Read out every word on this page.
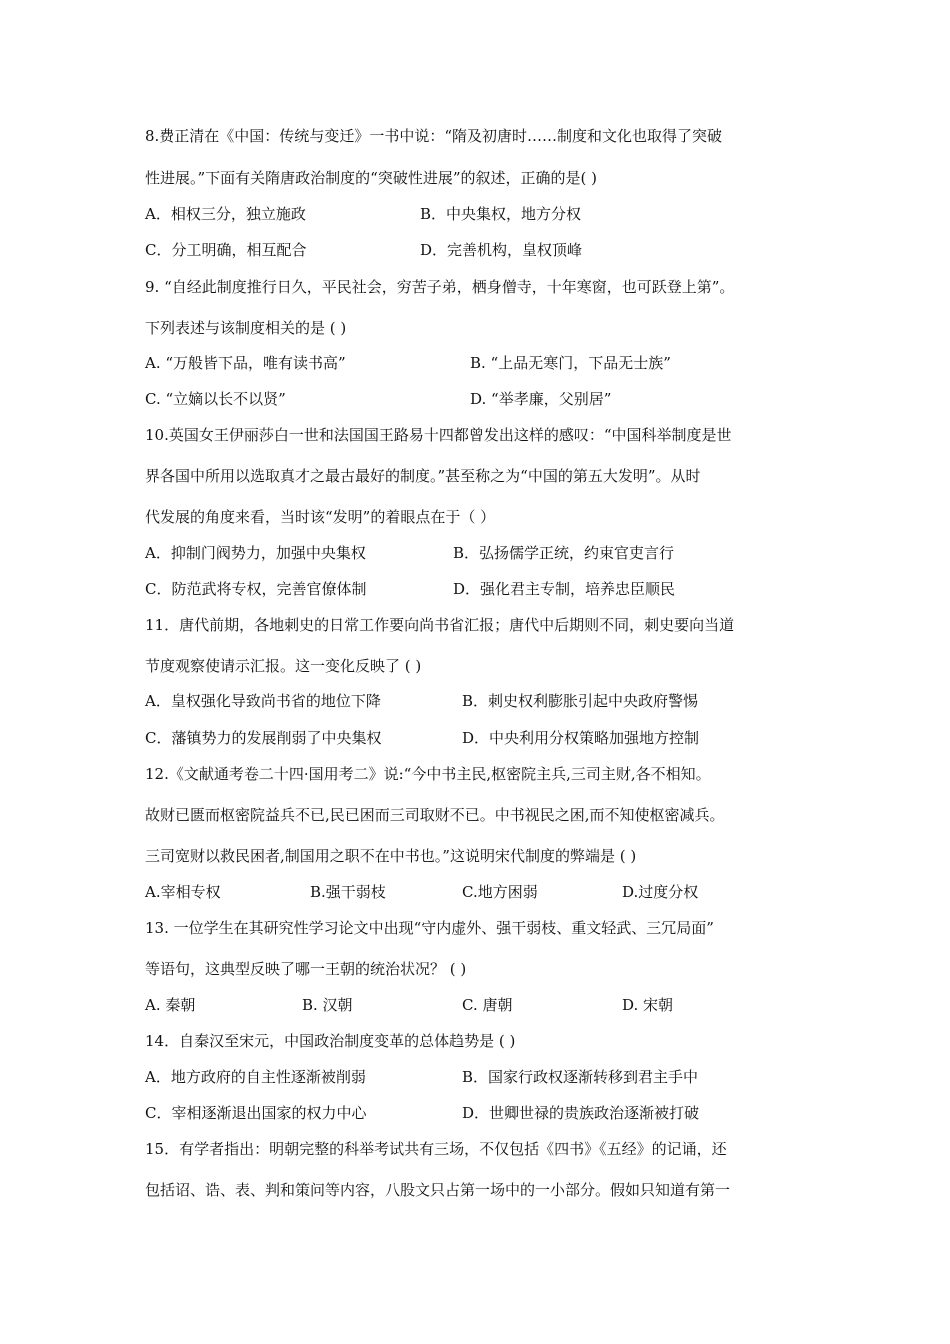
8.费正清在《中国：传统与变迁》一书中说：“隋及初唐时……制度和文化也取得了突破
性进展。”下面有关隋唐政治制度的“突破性进展”的叙述，正确的是( )
A．相权三分，独立施政	B．中央集权，地方分权
C．分工明确，相互配合	D．完善机构，皇权顶峰
9. “自经此制度推行日久，平民社会，穷苦子弟，栖身僧寺，十年寒窗，也可跃登上第”。
下列表述与该制度相关的是 ( )
A. “万般皆下品，唯有读书高”	B. “上品无寒门，下品无士族”
C. “立嫡以长不以贤”	D. “举孝廉，父别居”
10.英国女王伊丽莎白一世和法国国王路易十四都曾发出这样的感叹：“中国科举制度是世
界各国中所用以选取真才之最古最好的制度。”甚至称之为“中国的第五大发明”。从时
代发展的角度来看，当时该“发明”的着眼点在于（ ）
A．抑制门阀势力，加强中央集权	B．弘扬儒学正统，约束官吏言行
C．防范武将专权，完善官僚体制	D．强化君主专制，培养忠臣顺民
11．唐代前期，各地刺史的日常工作要向尚书省汇报；唐代中后期则不同，刺史要向当道
节度观察使请示汇报。这一变化反映了 ( )
A．皇权强化导致尚书省的地位下降	B．刺史权利膨胀引起中央政府警惕
C．藩镇势力的发展削弱了中央集权	D．中央利用分权策略加强地方控制
12.《文献通考卷二十四·国用考二》说:“今中书主民,枢密院主兵,三司主财,各不相知。
故财已匮而枢密院益兵不已,民已困而三司取财不已。中书视民之困,而不知使枢密减兵。
三司宽财以救民困者,制国用之职不在中书也。”这说明宋代制度的弊端是 ( )
A.宰相专权	B.强干弱枝	C.地方困弱	D.过度分权
13. 一位学生在其研究性学习论文中出现“守内虚外、强干弱枝、重文轻武、三冗局面”
等语句，这典型反映了哪一王朝的统治状况？ ( )
A. 秦朝	B. 汉朝	C. 唐朝	D. 宋朝
14．自秦汉至宋元，中国政治制度变革的总体趋势是 ( )
A．地方政府的自主性逐渐被削弱	B．国家行政权逐渐转移到君主手中
C．宰相逐渐退出国家的权力中心	D．世卿世禄的贵族政治逐渐被打破
15．有学者指出：明朝完整的科举考试共有三场，不仅包括《四书》《五经》的记诵，还
包括诏、诰、表、判和策问等内容，八股文只占第一场中的一小部分。假如只知道有第一
